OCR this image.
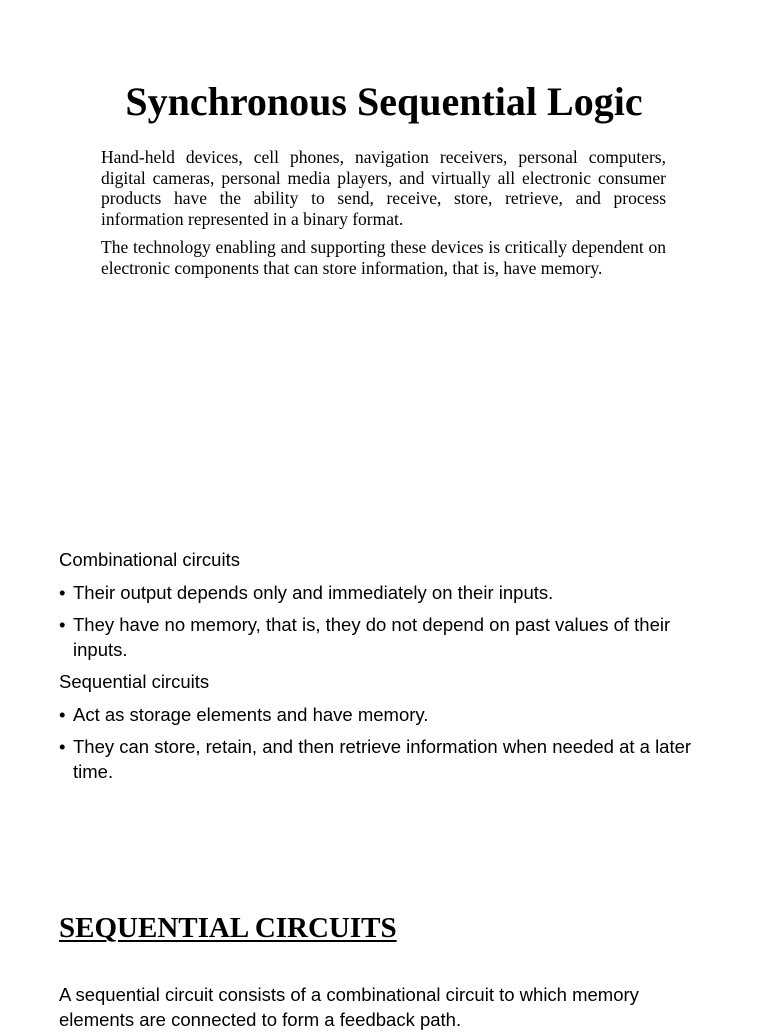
Synchronous Sequential Logic

Hand-held devices, cell phones, navigation receivers, personal computers, digital cameras, personal media players, and virtually all electronic consumer products have the ability to send, receive, store, retrieve, and process information represented in a binary format.

The technology enabling and supporting these devices is critically dependent on electronic components that can store information, that is, have memory.

Combinational circuits
• Their output depends only and immediately on their inputs.
• They have no memory, that is, they do not depend on past values of their inputs.
Sequential circuits
• Act as storage elements and have memory.
• They can store, retain, and then retrieve information when needed at a later time.
SEQUENTIAL CIRCUITS

A sequential circuit consists of a combinational circuit to which memory elements are connected to form a feedback path.
